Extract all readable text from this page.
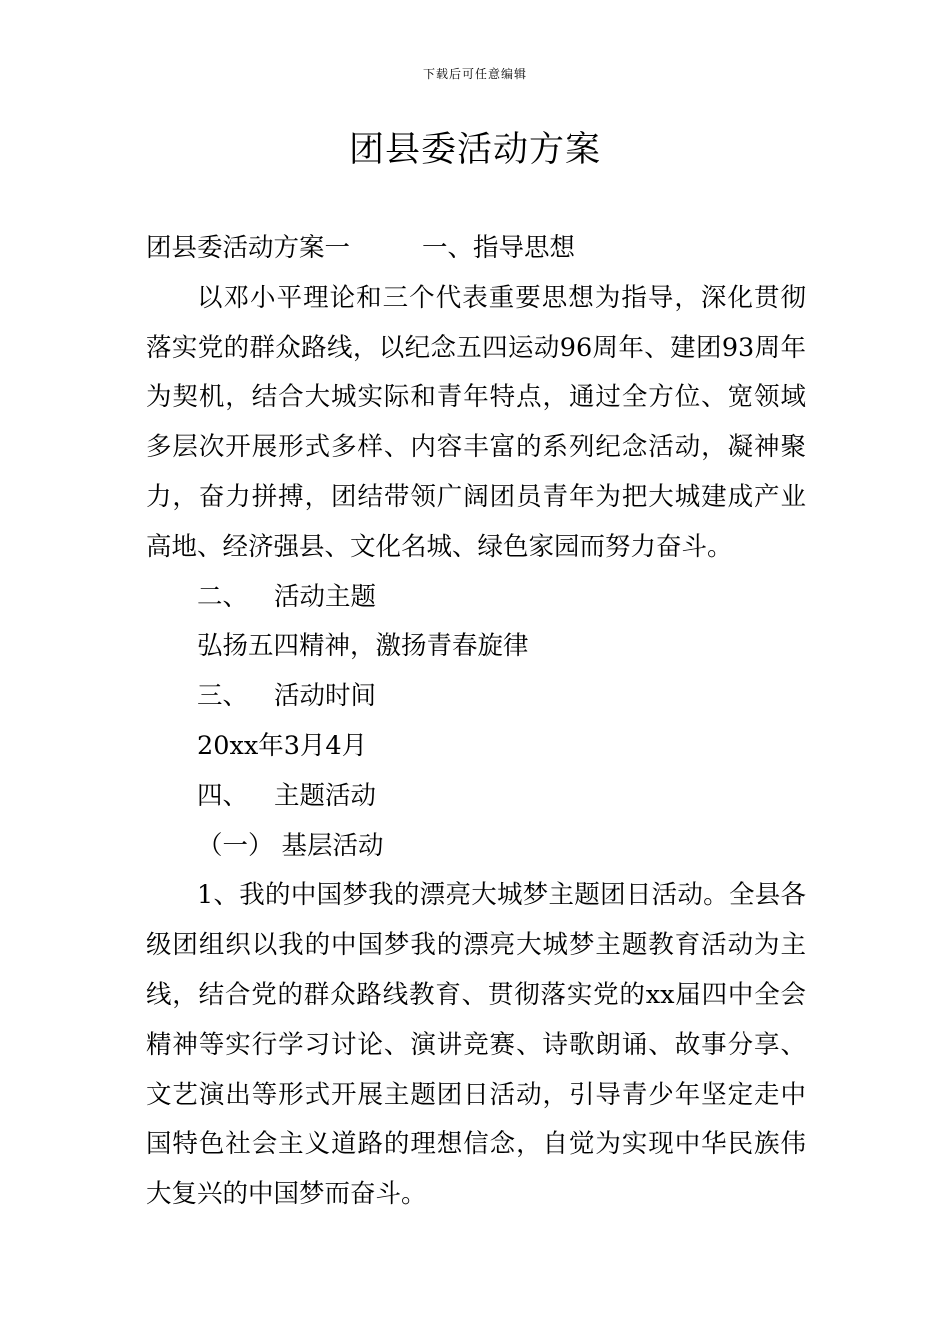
下载后可任意编辑
团县委活动方案

团县委活动方案一	一、指导思想

以邓小平理论和三个代表重要思想为指导，深化贯彻落实党的群众路线，以纪念五四运动96周年、建团93周年为契机，结合大城实际和青年特点，通过全方位、宽领域多层次开展形式多样、内容丰富的系列纪念活动，凝神聚力，奋力拼搏，团结带领广阔团员青年为把大城建成产业高地、经济强县、文化名城、绿色家园而努力奋斗。

二、 活动主题

弘扬五四精神，激扬青春旋律

三、 活动时间

20xx年3月4月

四、 主题活动

（一） 基层活动

1、我的中国梦我的漂亮大城梦主题团日活动。全县各级团组织以我的中国梦我的漂亮大城梦主题教育活动为主线，结合党的群众路线教育、贯彻落实党的xx届四中全会精神等实行学习讨论、演讲竞赛、诗歌朗诵、故事分享、文艺演出等形式开展主题团日活动，引导青少年坚定走中国特色社会主义道路的理想信念，自觉为实现中华民族伟大复兴的中国梦而奋斗。
